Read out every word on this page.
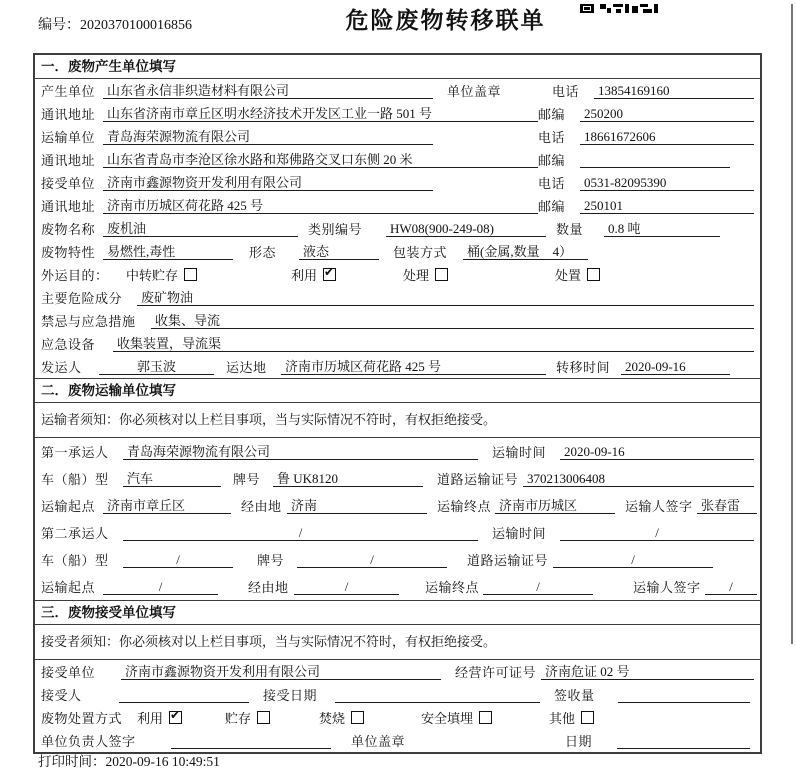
编号：2020370100016856	危险废物转移联单
一．废物产生单位填写
产生单位 山东省永信非织造材料有限公司	单位盖章	电话	13854169160
通讯地址 山东省济南市章丘区明水经济技术开发区工业一路 501 号	邮编	250200
运输单位 青岛海荣源物流有限公司	电话	18661672606
通讯地址 山东省青岛市李沧区徐水路和郑佛路交叉口东侧 20 米	邮编
接受单位 济南市鑫源物资开发利用有限公司	电话	0531-82095390
通讯地址 济南市历城区荷花路 425 号	邮编	250101
废物名称 废机油	类别编号	HW08(900-249-08)	数量	0.8 吨
废物特性 易燃性,毒性	形态	液态	包装方式	桶(金属,数量　4）
外运目的：	中转贮存	利用 ✔	处理	处置
主要危险成分	废矿物油
禁忌与应急措施	收集、导流
应急设备	收集装置，导流渠
发运人	郭玉波	运达地	济南市历城区荷花路 425 号	转移时间	2020-09-16
二．废物运输单位填写
运输者须知：你必须核对以上栏目事项，当与实际情况不符时，有权拒绝接受。
第一承运人	青岛海荣源物流有限公司	运输时间	2020-09-16
车（船）型	汽车	牌号	鲁 UK8120	道路运输证号 370213006408
运输起点 济南市章丘区	经由地 济南	运输终点 济南市历城区	运输人签字 张春雷
第二承运人	/	运输时间	/
车（船）型	/	牌号	/	道路运输证号	/
运输起点	/	经由地	/	运输终点	/	运输人签字	/
三．废物接受单位填写
接受者须知：你必须核对以上栏目事项，当与实际情况不符时，有权拒绝接受。
接受单位	济南市鑫源物资开发利用有限公司	经营许可证号 济南危证 02 号
接受人	接受日期	签收量
废物处置方式	利用 ✔	贮存	焚烧	安全填埋	其他
单位负责人签字	单位盖章	日期
打印时间：2020-09-16 10:49:51
